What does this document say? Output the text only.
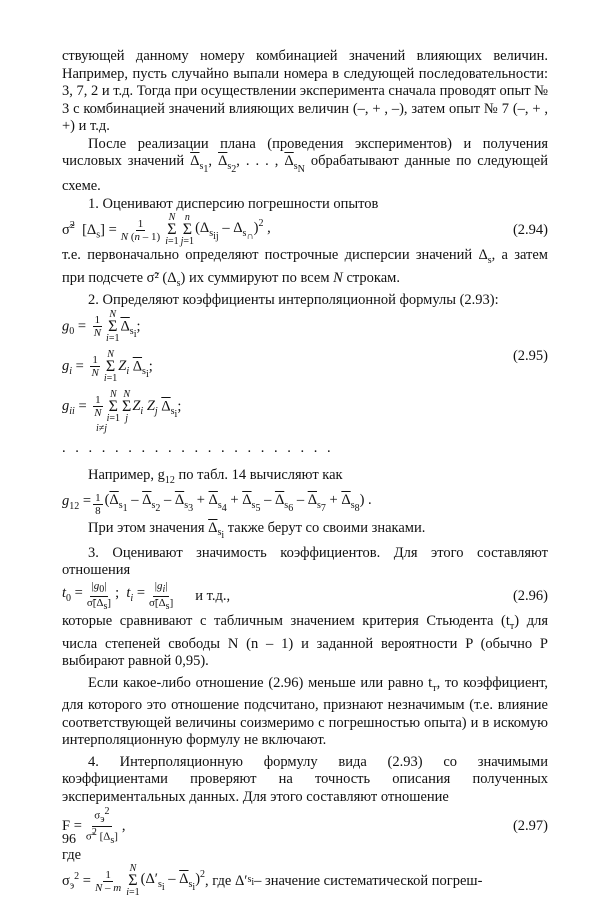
ствующей данному номеру комбинацией значений влияющих величин. Например, пусть случайно выпали номера в следующей последовательности: 3, 7, 2 и т.д. Тогда при осуществлении эксперимента сначала проводят опыт № 3 с комбинацией значений влияющих величин (–, + , –), затем опыт № 7 (–, + , +) и т.д.

После реализации плана (проведения экспериментов) и получения числовых значений $\overline{\Delta}_{s_1}$, $\overline{\Delta}_{s_2}$, . . . , $\overline{\Delta}_{s_N}$ обрабатывают данные по следующей схеме.

1. Оценивают дисперсию погрешности опытов

σ̃$^2$  $[\Delta_s] = \frac{1}{N (n - 1)}$ N
Σ
i=1
n
Σ
j=1
$(\Delta_{s_{ij}} - \Delta_{s_\cap})^2$ ,	(2.94)

т.е. первоначально определяют построчные дисперсии значений $\Delta_s$, а затем при подсчете σ̃² $(\Delta_s)$ их суммируют по всем N строкам.

2. Определяют коэффициенты интерполяционной формулы (2.93):

$g_0 = \frac{1}{N}$ N
Σ
i=1
$\overline{\Delta}_{s_i}$;
$g_i = \frac{1}{N}$ N
Σ
i=1
$Z_i$ $\overline{\Delta}_{s_i}$;
$g_{ii} = \frac{1}{N}$ N
Σ
i=1
N
Σ
j
$Z_i$ $Z_j$ $\overline{\Delta}_{s_i}$;
i≠j
(2.95)
. . . . . . . . . . . . . . . . . . . . .

Например, $g_{12}$ по табл. 14 вычисляют как

$g_{12} = \frac{1}{8} (\overline{\Delta}_{s_1} - \overline{\Delta}_{s_2} - \overline{\Delta}_{s_3} + \overline{\Delta}_{s_4} + \overline{\Delta}_{s_5} - \overline{\Delta}_{s_6} - \overline{\Delta}_{s_7} + \overline{\Delta}_{s_8})$ .

При этом значения $\overline{\Delta}_{s_i}$ также берут со своими знаками.

3. Оценивают значимость коэффициентов. Для этого составляют отношения

$t_0 = \frac{|g_0|}{\sigmã[\Delta_s]}$ ;  $t_i = \frac{|g_i|}{\sigmã[\Delta_s]}$ и т.д.,	(2.96)

которые сравнивают с табличным значением критерия Стьюдента $(t_т)$ для числа степеней свободы N (n – 1) и заданной вероятности P (обычно P выбирают равной 0,95).

Если какое-либо отношение (2.96) меньше или равно $t_т$, то коэффициент, для которого это отношение подсчитано, признают незначимым (т.е. влияние соответствующей величины соизмеримо с погрешностью опыта) и в искомую интерполяционную формулу не включают.

4. Интерполяционную формулу вида (2.93) со значимыми коэффициентами проверяют на точность описания полученных экспериментальных данных. Для этого составляют отношение

$F = \frac{\sigma_э^2}{\sigmã^2 [\Delta_s]}$ ,	(2.97)

где

$\sigma_э^2 = \frac{1}{N - m}$ N
Σ
i=1
$(\Delta'_{s_i} - \overline{\Delta}_{s_i})^2$ , где Δ′ $s_i$ – значение систематической погреш-
96
